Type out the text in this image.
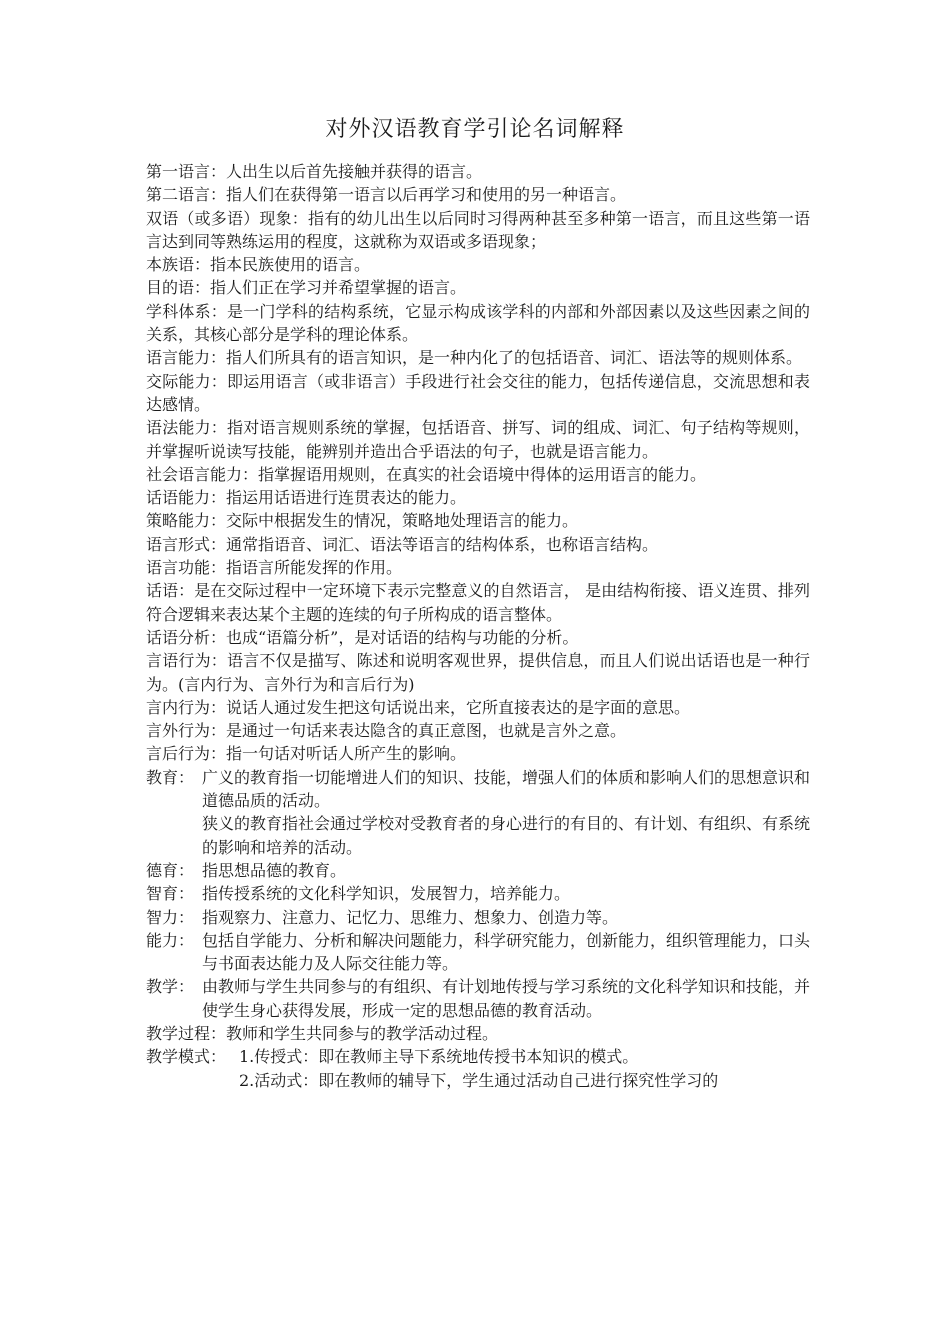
对外汉语教育学引论名词解释

第一语言：人出生以后首先接触并获得的语言。

第二语言：指人们在获得第一语言以后再学习和使用的另一种语言。

双语（或多语）现象：指有的幼儿出生以后同时习得两种甚至多种第一语言，而且这些第一语言达到同等熟练运用的程度，这就称为双语或多语现象；

本族语：指本民族使用的语言。

目的语：指人们正在学习并希望掌握的语言。

学科体系：是一门学科的结构系统，它显示构成该学科的内部和外部因素以及这些因素之间的关系，其核心部分是学科的理论体系。

语言能力：指人们所具有的语言知识，是一种内化了的包括语音、词汇、语法等的规则体系。

交际能力：即运用语言（或非语言）手段进行社会交往的能力，包括传递信息，交流思想和表达感情。

语法能力：指对语言规则系统的掌握，包括语音、拼写、词的组成、词汇、句子结构等规则，并掌握听说读写技能，能辨别并造出合乎语法的句子，也就是语言能力。

社会语言能力：指掌握语用规则，在真实的社会语境中得体的运用语言的能力。

话语能力：指运用话语进行连贯表达的能力。

策略能力：交际中根据发生的情况，策略地处理语言的能力。

语言形式：通常指语音、词汇、语法等语言的结构体系，也称语言结构。

语言功能：指语言所能发挥的作用。

话语：是在交际过程中一定环境下表示完整意义的自然语言， 是由结构衔接、语义连贯、排列符合逻辑来表达某个主题的连续的句子所构成的语言整体。

话语分析：也成“语篇分析”，是对话语的结构与功能的分析。

言语行为：语言不仅是描写、陈述和说明客观世界，提供信息，而且人们说出话语也是一种行为。(言内行为、言外行为和言后行为)

言内行为：说话人通过发生把这句话说出来，它所直接表达的是字面的意思。

言外行为：是通过一句话来表达隐含的真正意图，也就是言外之意。

言后行为：指一句话对听话人所产生的影响。

教育： 广义的教育指一切能增进人们的知识、技能，增强人们的体质和影响人们的思想意识和道德品质的活动。

狭义的教育指社会通过学校对受教育者的身心进行的有目的、有计划、有组织、有系统的影响和培养的活动。

德育： 指思想品德的教育。
智育： 指传授系统的文化科学知识，发展智力，培养能力。
智力： 指观察力、注意力、记忆力、思维力、想象力、创造力等。
能力： 包括自学能力、分析和解决问题能力，科学研究能力，创新能力，组织管理能力，口头与书面表达能力及人际交往能力等。
教学： 由教师与学生共同参与的有组织、有计划地传授与学习系统的文化科学知识和技能，并使学生身心获得发展，形成一定的思想品德的教育活动。

教学过程：教师和学生共同参与的教学活动过程。

教学模式： 1.传授式：即在教师主导下系统地传授书本知识的模式。

2.活动式：即在教师的辅导下，学生通过活动自己进行探究性学习的
